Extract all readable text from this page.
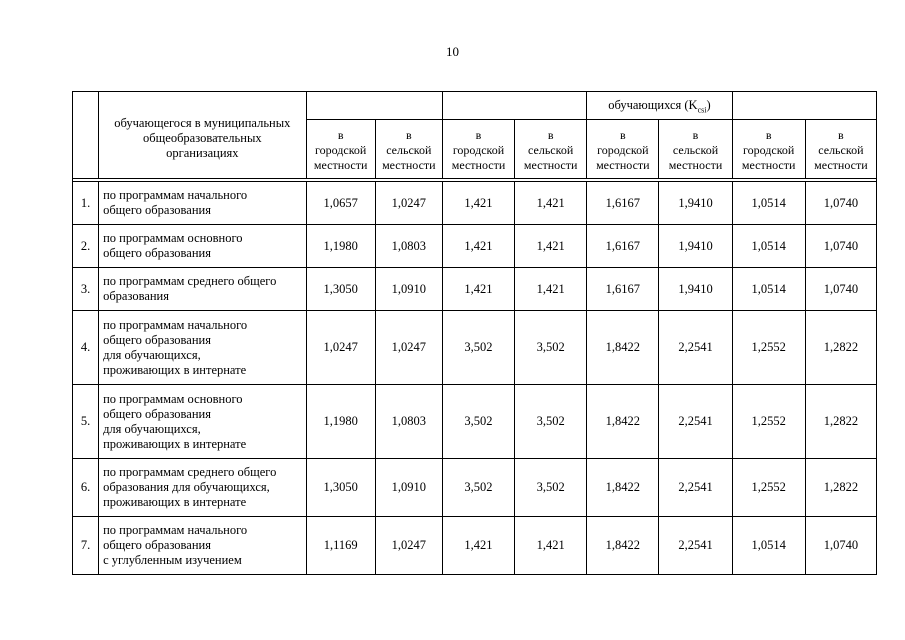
10

	обучающегося в муниципальных
общеобразовательных
организациях					обучающихся $(K_{csi})$			

		в
городской
местности	в
сельской
местности	в
городской
местности	в
сельской
местности	в
городской
местности	в
сельской
местности	в
городской
местности	в
сельской
местности

1.	по программам начального
общего образования	1,0657	1,0247	1,421	1,421	1,6167	1,9410	1,0514	1,0740
2.	по программам основного
общего образования	1,1980	1,0803	1,421	1,421	1,6167	1,9410	1,0514	1,0740
3.	по программам среднего общего
образования	1,3050	1,0910	1,421	1,421	1,6167	1,9410	1,0514	1,0740
4.	по программам начального
общего образования
для обучающихся,
проживающих в интернате	1,0247	1,0247	3,502	3,502	1,8422	2,2541	1,2552	1,2822
5.	по программам основного
общего образования
для обучающихся,
проживающих в интернате	1,1980	1,0803	3,502	3,502	1,8422	2,2541	1,2552	1,2822
6.	по программам среднего общего
образования для обучающихся,
проживающих в интернате	1,3050	1,0910	3,502	3,502	1,8422	2,2541	1,2552	1,2822
7.	по программам начального
общего образования
с углубленным изучением	1,1169	1,0247	1,421	1,421	1,8422	2,2541	1,0514	1,0740
